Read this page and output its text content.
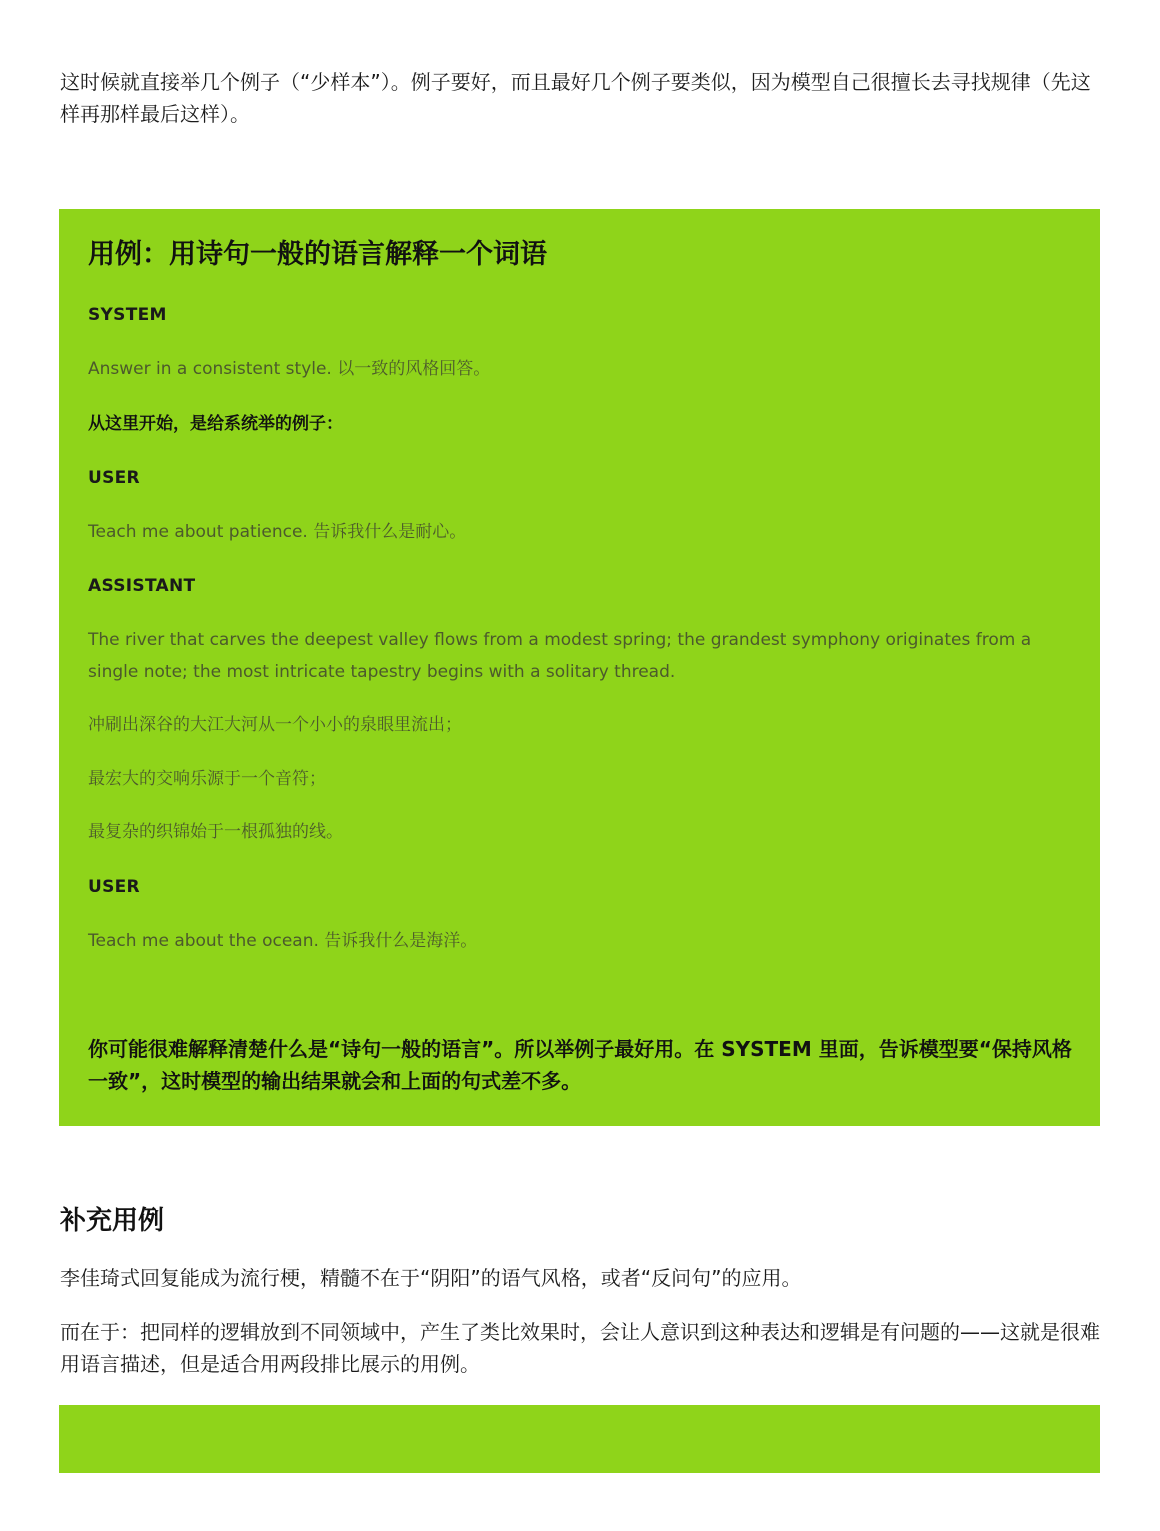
这时候就直接举几个例子（“少样本”）。例子要好，而且最好几个例子要类似，因为模型自己很擅长去寻找规律（先这样再那样最后这样）。

用例：用诗句一般的语言解释一个词语

SYSTEM

Answer in a consistent style. 以一致的风格回答。

从这里开始，是给系统举的例子：

USER

Teach me about patience. 告诉我什么是耐心。

ASSISTANT

The river that carves the deepest valley flows from a modest spring; the grandest symphony originates from a single note; the most intricate tapestry begins with a solitary thread.

冲刷出深谷的大江大河从一个小小的泉眼里流出；

最宏大的交响乐源于一个音符；

最复杂的织锦始于一根孤独的线。

USER

Teach me about the ocean. 告诉我什么是海洋。

你可能很难解释清楚什么是“诗句一般的语言”。所以举例子最好用。在 SYSTEM 里面，告诉模型要“保持风格一致”，这时模型的输出结果就会和上面的句式差不多。

补充用例

李佳琦式回复能成为流行梗，精髓不在于“阴阳”的语气风格，或者“反问句”的应用。

而在于：把同样的逻辑放到不同领域中，产生了类比效果时，会让人意识到这种表达和逻辑是有问题的——这就是很难用语言描述，但是适合用两段排比展示的用例。
